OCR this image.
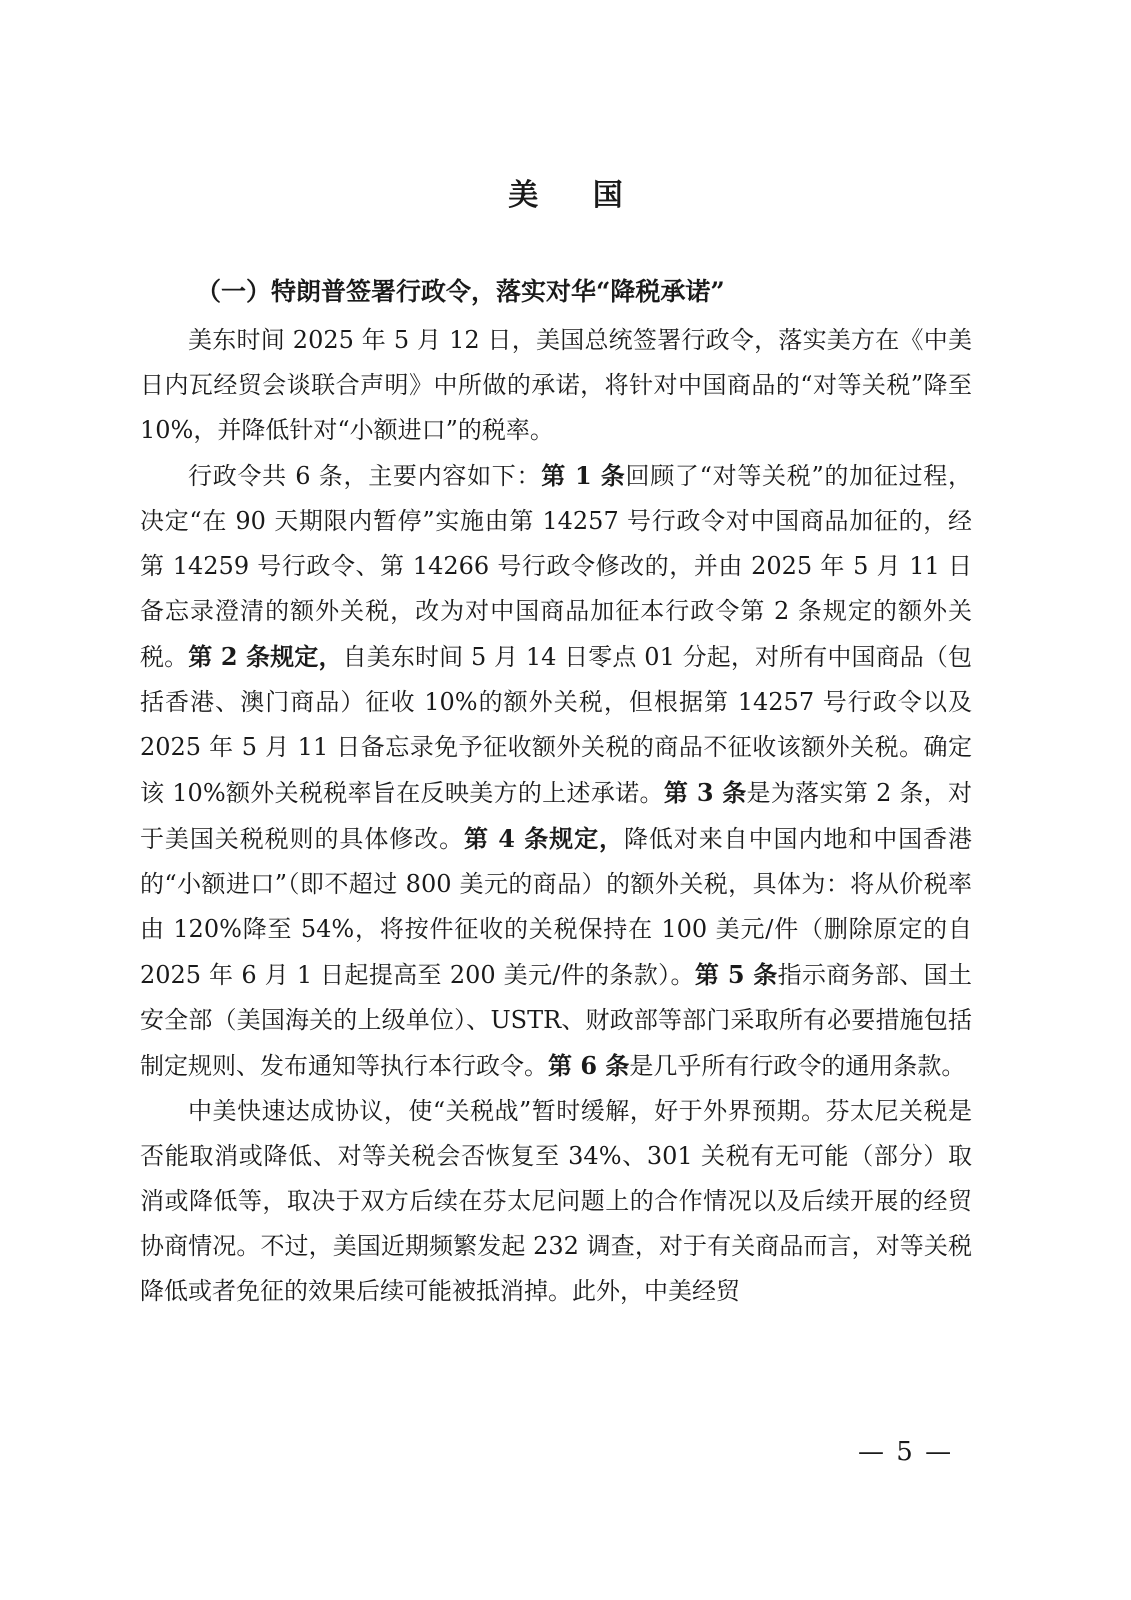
美 国
（一）特朗普签署行政令，落实对华“降税承诺”

美东时间 2025 年 5 月 12 日，美国总统签署行政令，落实美方在《中美日内瓦经贸会谈联合声明》中所做的承诺，将针对中国商品的“对等关税”降至 10%，并降低针对“小额进口”的税率。

行政令共 6 条，主要内容如下：第 1 条回顾了“对等关税”的加征过程，决定“在 90 天期限内暂停”实施由第 14257 号行政令对中国商品加征的，经第 14259 号行政令、第 14266 号行政令修改的，并由 2025 年 5 月 11 日备忘录澄清的额外关税，改为对中国商品加征本行政令第 2 条规定的额外关税。第 2 条规定，自美东时间 5 月 14 日零点 01 分起，对所有中国商品（包括香港、澳门商品）征收 10%的额外关税，但根据第 14257 号行政令以及 2025 年 5 月 11 日备忘录免予征收额外关税的商品不征收该额外关税。确定该 10%额外关税税率旨在反映美方的上述承诺。第 3 条是为落实第 2 条，对于美国关税税则的具体修改。第 4 条规定，降低对来自中国内地和中国香港的“小额进口”（即不超过 800 美元的商品）的额外关税，具体为：将从价税率由 120%降至 54%，将按件征收的关税保持在 100 美元/件（删除原定的自 2025 年 6 月 1 日起提高至 200 美元/件的条款）。第 5 条指示商务部、国土安全部（美国海关的上级单位）、USTR、财政部等部门采取所有必要措施包括制定规则、发布通知等执行本行政令。第 6 条是几乎所有行政令的通用条款。

中美快速达成协议，使“关税战”暂时缓解，好于外界预期。芬太尼关税是否能取消或降低、对等关税会否恢复至 34%、301 关税有无可能（部分）取消或降低等，取决于双方后续在芬太尼问题上的合作情况以及后续开展的经贸协商情况。不过，美国近期频繁发起 232 调查，对于有关商品而言，对等关税降低或者免征的效果后续可能被抵消掉。此外，中美经贸

— 5 —
